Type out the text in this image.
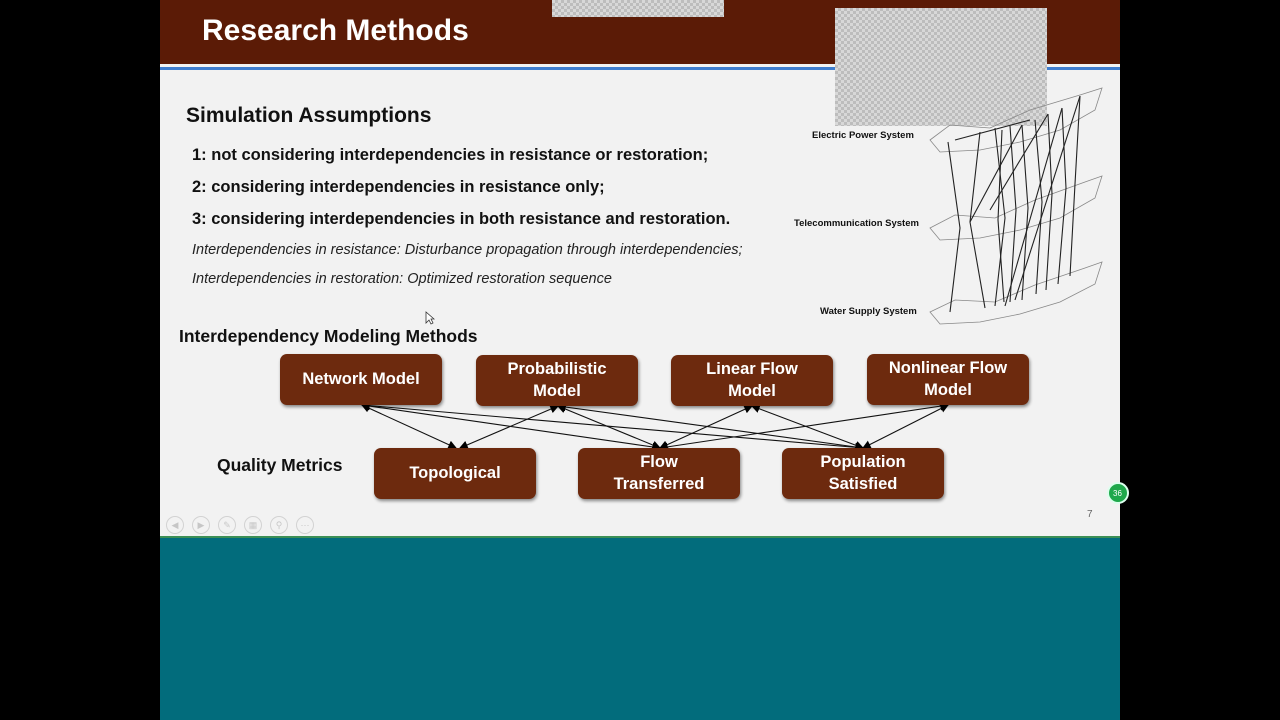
Research Methods
Simulation Assumptions
1: not considering interdependencies in resistance or restoration;
2: considering interdependencies in resistance only;
3: considering interdependencies in both resistance and restoration.
Interdependencies in resistance: Disturbance propagation through interdependencies;
Interdependencies in restoration: Optimized restoration sequence
Electric Power System
Telecommunication System
Water Supply System
Interdependency Modeling Methods
Quality Metrics
Network Model
Probabilistic
Model
Linear Flow
Model
Nonlinear Flow
Model
Topological
Flow
Transferred
Population
Satisfied
7
◀	▶	✎	▦	⚲	⋯
36
